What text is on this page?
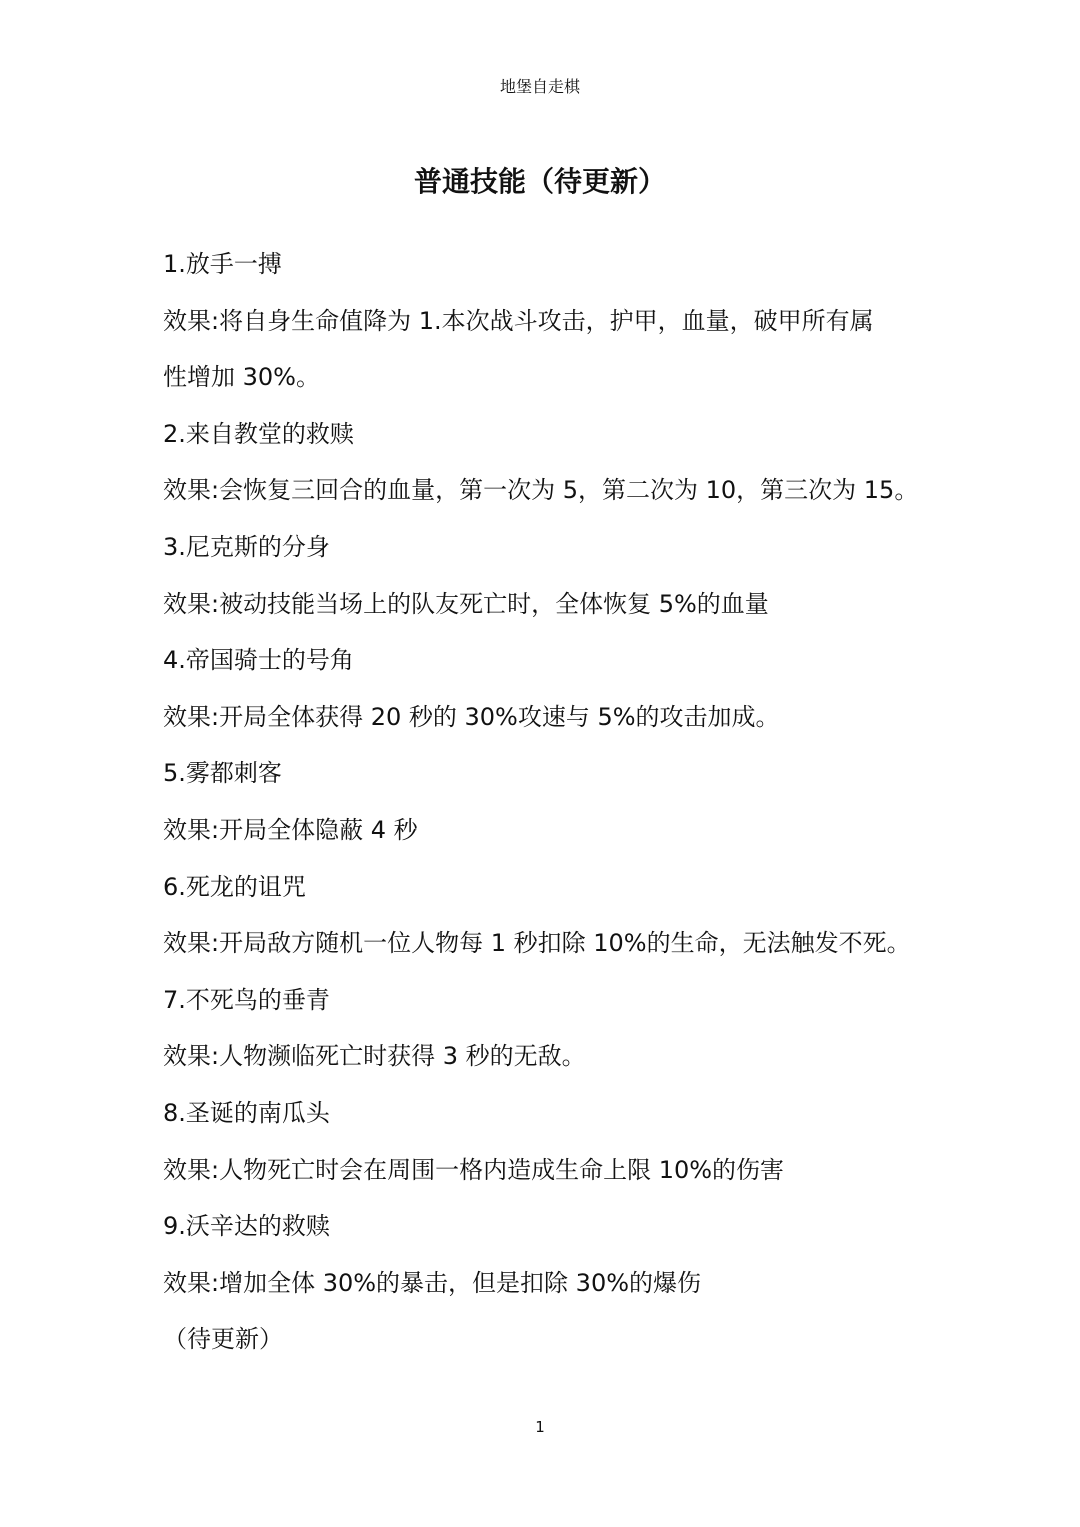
地堡自走棋
普通技能（待更新）
1.放手一搏
效果:将自身生命值降为 1.本次战斗攻击，护甲，血量，破甲所有属
性增加 30%。
2.来自教堂的救赎
效果:会恢复三回合的血量，第一次为 5，第二次为 10，第三次为 15。
3.尼克斯的分身
效果:被动技能当场上的队友死亡时，全体恢复 5%的血量
4.帝国骑士的号角
效果:开局全体获得 20 秒的 30%攻速与 5%的攻击加成。
5.雾都刺客
效果:开局全体隐蔽 4 秒
6.死龙的诅咒
效果:开局敌方随机一位人物每 1 秒扣除 10%的生命，无法触发不死。
7.不死鸟的垂青
效果:人物濒临死亡时获得 3 秒的无敌。
8.圣诞的南瓜头
效果:人物死亡时会在周围一格内造成生命上限 10%的伤害
9.沃辛达的救赎
效果:增加全体 30%的暴击，但是扣除 30%的爆伤
（待更新）
1
